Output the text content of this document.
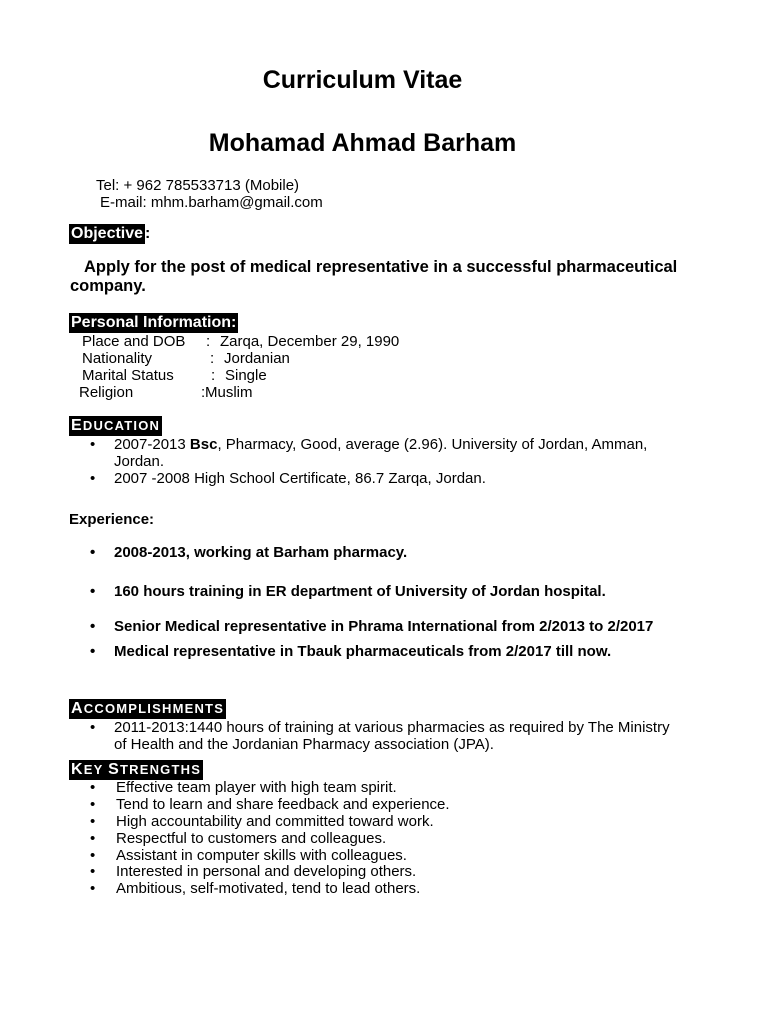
Curriculum Vitae
Mohamad Ahmad Barham
Tel: + 962 785533713 (Mobile)
E-mail: mhm.barham@gmail.com
Objective :
Apply for the post of medical representative in a successful pharmaceutical
company.
Personal Information:
Place and DOB : Zarqa, December 29, 1990
Nationality	: Jordanian
Marital Status : Single
Religion	: Muslim
EDUCATION
• 2007-2013 Bsc, Pharmacy, Good, average (2.96). University of Jordan, Amman,
Jordan.
• 2007 -2008 High School Certificate, 86.7 Zarqa, Jordan.
Experience:
• 2008-2013, working at Barham pharmacy.
• 160 hours training in ER department of University of Jordan hospital.
• Senior Medical representative in Phrama International from 2/2013 to 2/2017
• Medical representative in Tbauk pharmaceuticals from 2/2017 till now.
ACCOMPLISHMENTS
• 2011-2013:1440 hours of training at various pharmacies as required by The Ministry
of Health and the Jordanian Pharmacy association (JPA).
KEY STRENGTHS
• Effective team player with high team spirit.
• Tend to learn and share feedback and experience.
• High accountability and committed toward work.
• Respectful to customers and colleagues.
• Assistant in computer skills with colleagues.
• Interested in personal and developing others.
• Ambitious, self-motivated, tend to lead others.
